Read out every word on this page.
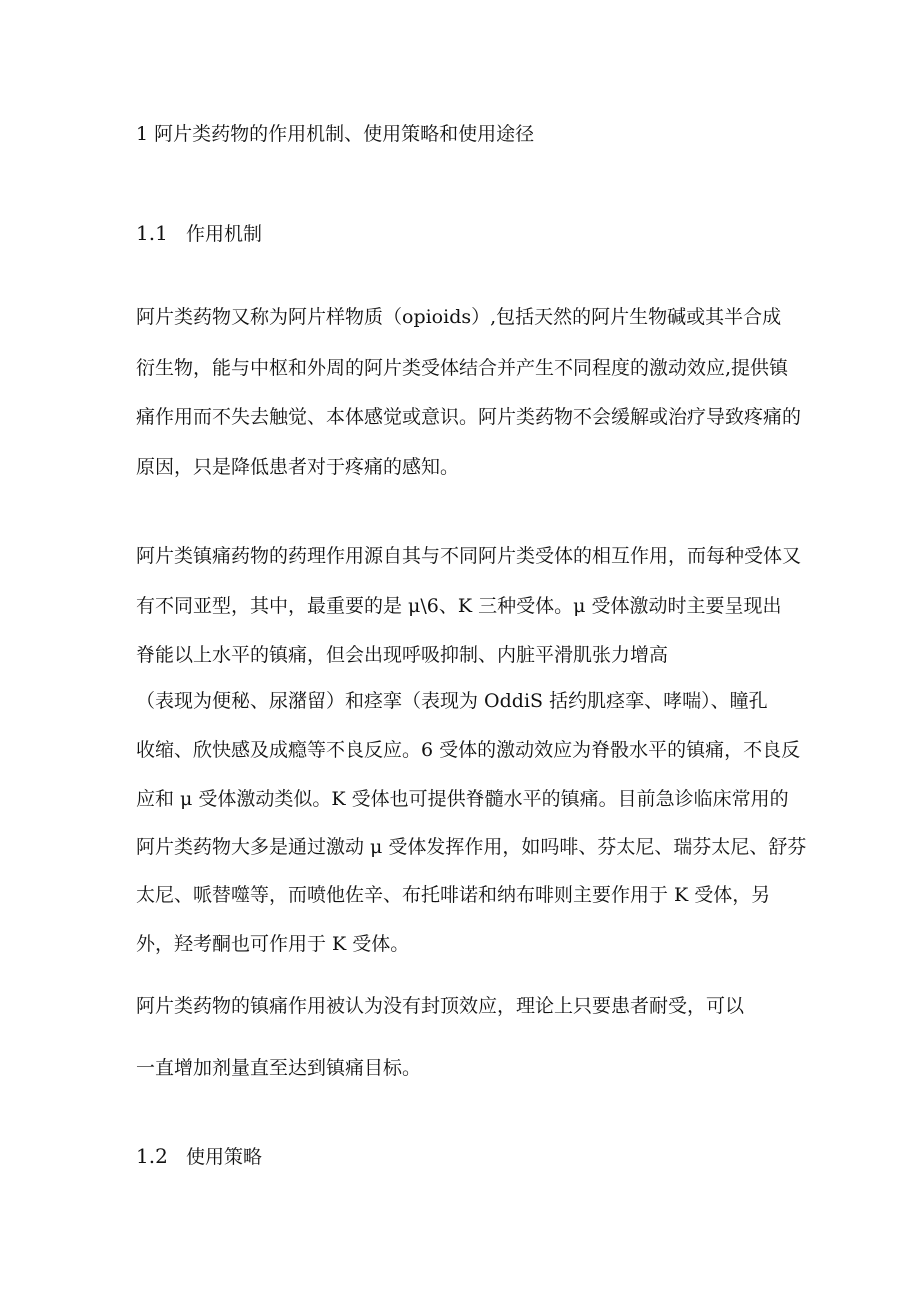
1 阿片类药物的作用机制、使用策略和使用途径

1.1 作用机制

阿片类药物又称为阿片样物质（opioids）,包括天然的阿片生物碱或其半合成

衍生物，能与中枢和外周的阿片类受体结合并产生不同程度的激动效应,提供镇

痛作用而不失去触觉、本体感觉或意识。阿片类药物不会缓解或治疗导致疼痛的

原因，只是降低患者对于疼痛的感知。

阿片类镇痛药物的药理作用源自其与不同阿片类受体的相互作用，而每种受体又

有不同亚型，其中，最重要的是 μ\6、K 三种受体。μ 受体激动时主要呈现出

脊能以上水平的镇痛，但会出现呼吸抑制、内脏平滑肌张力增高

（表现为便秘、尿潴留）和痉挛（表现为 OddiS 括约肌痉挛、哮喘）、瞳孔

收缩、欣快感及成瘾等不良反应。6 受体的激动效应为脊骰水平的镇痛，不良反

应和 μ 受体激动类似。K 受体也可提供脊髓水平的镇痛。目前急诊临床常用的

阿片类药物大多是通过激动 μ 受体发挥作用，如吗啡、芬太尼、瑞芬太尼、舒芬

太尼、哌替噬等，而喷他佐辛、布托啡诺和纳布啡则主要作用于 K 受体，另

外，羟考酮也可作用于 K 受体。

阿片类药物的镇痛作用被认为没有封顶效应，理论上只要患者耐受，可以

一直增加剂量直至达到镇痛目标。

1.2 使用策略
